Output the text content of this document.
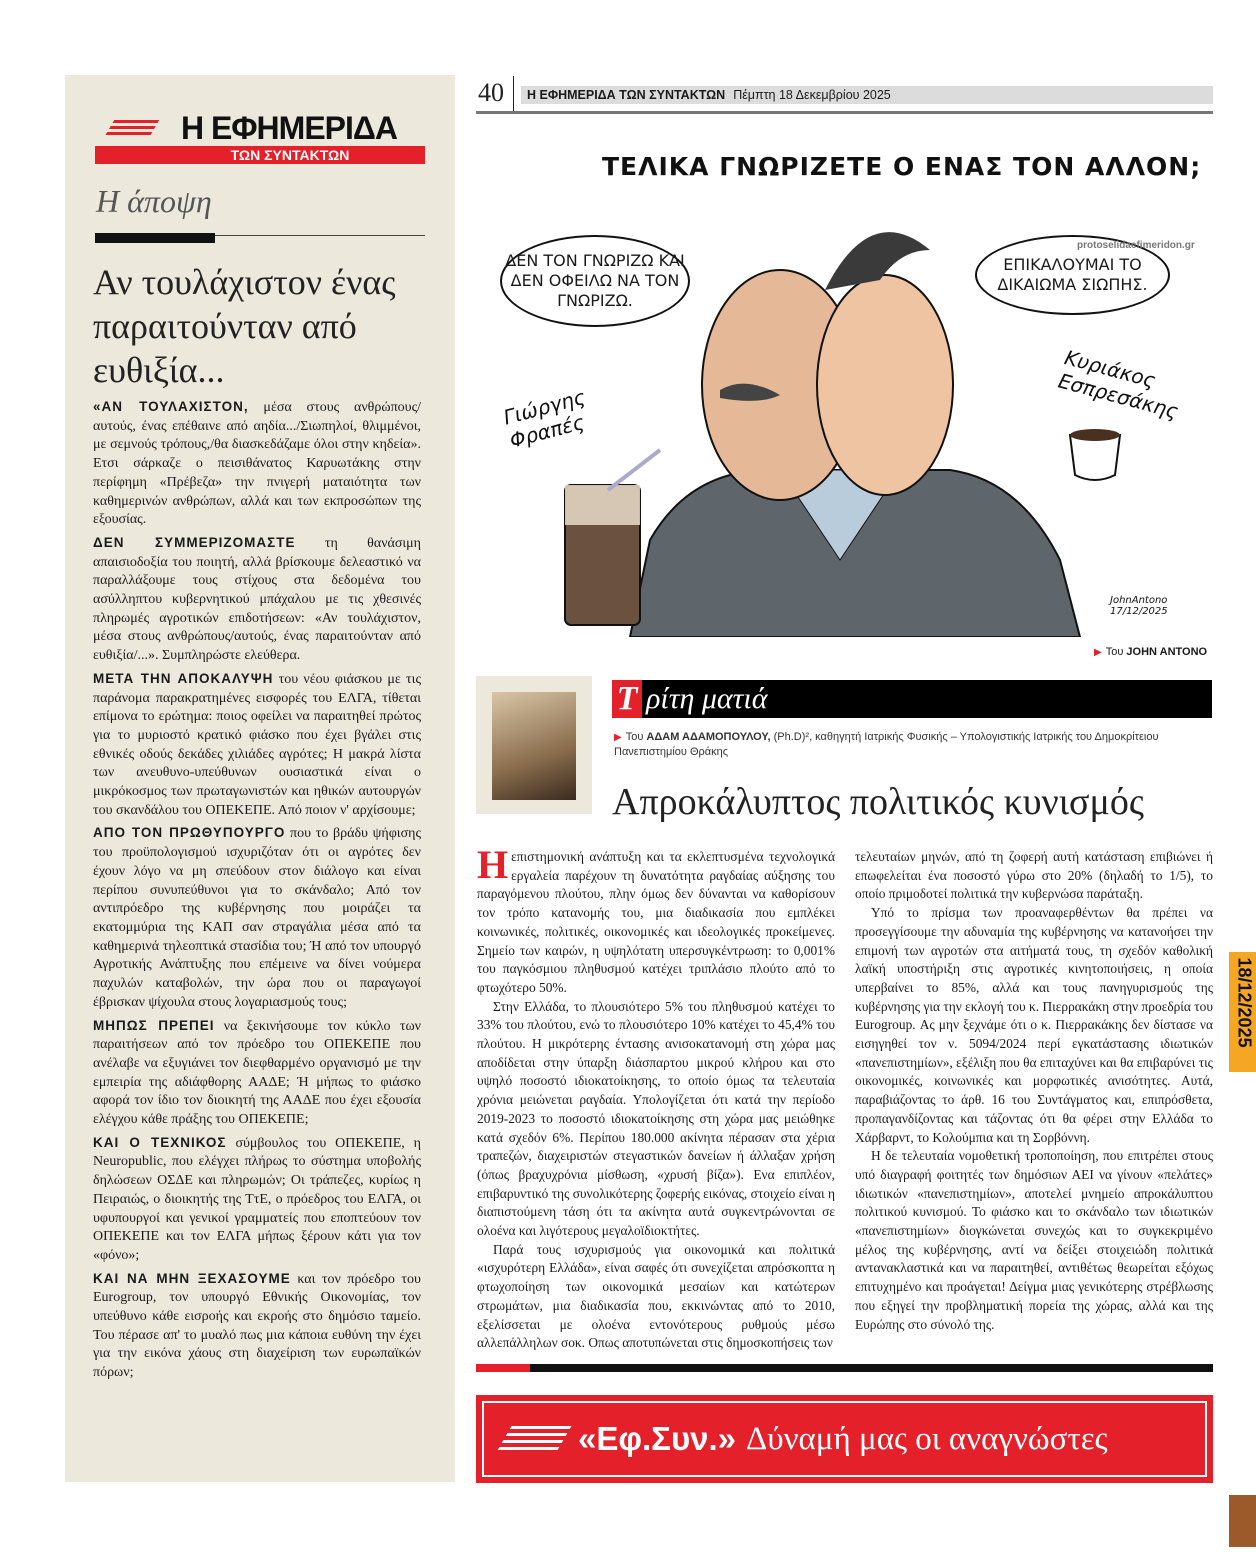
Η ΕΦΗΜΕΡΙΔΑ
ΤΩΝ ΣΥΝΤΑΚΤΩΝ
Η άποψη
Αν τουλάχιστον ένας παραιτούνταν από ευθιξία...

«ΑΝ ΤΟΥΛΑΧΙΣΤΟΝ, μέσα στους ανθρώπους/ αυτούς, ένας επέθαινε από αηδία.../Σιωπηλοί, θλιμμένοι, με σεμνούς τρόπους,/θα διασκεδάζαμε όλοι στην κηδεία». Ετσι σάρκαζε ο πεισιθάνατος Καρυωτάκης στην περίφημη «Πρέβεζα» την πνιγερή ματαιότητα των καθημερινών ανθρώπων, αλλά και των εκπροσώπων της εξουσίας.

ΔΕΝ ΣΥΜΜΕΡΙΖΟΜΑΣΤΕ τη θανάσιμη απαισιοδοξία του ποιητή, αλλά βρίσκουμε δελεαστικό να παραλλάξουμε τους στίχους στα δεδομένα του ασύλληπτου κυβερνητικού μπάχαλου με τις χθεσινές πληρωμές αγροτικών επιδοτήσεων: «Αν τουλάχιστον, μέσα στους ανθρώπους/αυτούς, ένας παραιτούνταν από ευθιξία/...». Συμπληρώστε ελεύθερα.

ΜΕΤΑ ΤΗΝ ΑΠΟΚΑΛΥΨΗ του νέου φιάσκου με τις παράνομα παρακρατημένες εισφορές του ΕΛΓΑ, τίθεται επίμονα το ερώτημα: ποιος οφείλει να παραιτηθεί πρώτος για το μυριοστό κρατικό φιάσκο που έχει βγάλει στις εθνικές οδούς δεκάδες χιλιάδες αγρότες; Η μακρά λίστα των ανευθυνο-υπεύθυνων ουσιαστικά είναι ο μικρόκοσμος των πρωταγωνιστών και ηθικών αυτουργών του σκανδάλου του ΟΠΕΚΕΠΕ. Από ποιον ν' αρχίσουμε;

ΑΠΟ ΤΟΝ ΠΡΩΘΥΠΟΥΡΓΟ που το βράδυ ψήφισης του προϋπολογισμού ισχυριζόταν ότι οι αγρότες δεν έχουν λόγο να μη σπεύδουν στον διάλογο και είναι περίπου συνυπεύθυνοι για το σκάνδαλο; Από τον αντιπρόεδρο της κυβέρνησης που μοιράζει τα εκατομμύρια της ΚΑΠ σαν στραγάλια μέσα από τα καθημερινά τηλεοπτικά στασίδια του; Ή από τον υπουργό Αγροτικής Ανάπτυξης που επέμεινε να δίνει νούμερα παχυλών καταβολών, την ώρα που οι παραγωγοί έβρισκαν ψίχουλα στους λογαριασμούς τους;

ΜΗΠΩΣ ΠΡΕΠΕΙ να ξεκινήσουμε τον κύκλο των παραιτήσεων από τον πρόεδρο του ΟΠΕΚΕΠΕ που ανέλαβε να εξυγιάνει τον διεφθαρμένο οργανισμό με την εμπειρία της αδιάφθορης ΑΑΔΕ; Ή μήπως το φιάσκο αφορά τον ίδιο τον διοικητή της ΑΑΔΕ που έχει εξουσία ελέγχου κάθε πράξης του ΟΠΕΚΕΠΕ;

ΚΑΙ Ο ΤΕΧΝΙΚΟΣ σύμβουλος του ΟΠΕΚΕΠΕ, η Neuropublic, που ελέγχει πλήρως το σύστημα υποβολής δηλώσεων ΟΣΔΕ και πληρωμών; Οι τράπεζες, κυρίως η Πειραιώς, ο διοικητής της ΤτΕ, ο πρόεδρος του ΕΛΓΑ, οι υφυπουργοί και γενικοί γραμματείς που εποπτεύουν τον ΟΠΕΚΕΠΕ και τον ΕΛΓΑ μήπως ξέρουν κάτι για τον «φόνο»;

ΚΑΙ ΝΑ ΜΗΝ ΞΕΧΑΣΟΥΜΕ και τον πρόεδρο του Eurogroup, τον υπουργό Εθνικής Οικονομίας, τον υπεύθυνο κάθε εισροής και εκροής στο δημόσιο ταμείο. Του πέρασε απ' το μυαλό πως μια κάποια ευθύνη την έχει για την εικόνα χάους στη διαχείριση των ευρωπαϊκών πόρων;

40	Η ΕΦΗΜΕΡΙΔΑ ΤΩΝ ΣΥΝΤΑΚΤΩΝ Πέμπτη 18 Δεκεμβρίου 2025
ΤΕΛΙΚΑ ΓΝΩΡΙΖΕΤΕ Ο ΕΝΑΣ ΤΟΝ ΑΛΛΟΝ;
ΔΕΝ ΤΟΝ ΓΝΩΡΙΖΩ ΚΑΙ ΔΕΝ ΟΦΕΙΛΩ ΝΑ ΤΟΝ ΓΝΩΡΙΖΩ.
ΕΠΙΚΑΛΟΥΜΑΙ ΤΟ ΔΙΚΑΙΩΜΑ ΣΙΩΠΗΣ.
Γιώργης Φραπές
Κυριάκος Εσπρεσάκης
JohnAntono 17/12/2025
protoselidaefimeridon.gr
▶ Του JOHN ANTONO
Τ ρίτη ματιά
▶ Του ΑΔΑΜ ΑΔΑΜΟΠΟΥΛΟΥ, (Ph.D)², καθηγητή Ιατρικής Φυσικής – Υπολογιστικής Ιατρικής του Δημοκρίτειου Πανεπιστημίου Θράκης
Απροκάλυπτος πολιτικός κυνισμός

Η επιστημονική ανάπτυξη και τα εκλεπτυσμένα τεχνολογικά εργαλεία παρέχουν τη δυνατότητα ραγδαίας αύξησης του παραγόμενου πλούτου, πλην όμως δεν δύνανται να καθορίσουν τον τρόπο κατανομής του, μια διαδικασία που εμπλέκει κοινωνικές, πολιτικές, οικονομικές και ιδεολογικές προκείμενες. Σημείο των καιρών, η υψηλότατη υπερσυγκέντρωση: το 0,001% του παγκόσμιου πληθυσμού κατέχει τριπλάσιο πλούτο από το φτωχότερο 50%.

Στην Ελλάδα, το πλουσιότερο 5% του πληθυσμού κατέχει το 33% του πλούτου, ενώ το πλουσιότερο 10% κατέχει το 45,4% του πλούτου. Η μικρότερης έντασης ανισοκατανομή στη χώρα μας αποδίδεται στην ύπαρξη διάσπαρτου μικρού κλήρου και στο υψηλό ποσοστό ιδιοκατοίκησης, το οποίο όμως τα τελευταία χρόνια μειώνεται ραγδαία. Υπολογίζεται ότι κατά την περίοδο 2019-2023 το ποσοστό ιδιοκατοίκησης στη χώρα μας μειώθηκε κατά σχεδόν 6%. Περίπου 180.000 ακίνητα πέρασαν στα χέρια τραπεζών, διαχειριστών στεγαστικών δανείων ή άλλαξαν χρήση (όπως βραχυχρόνια μίσθωση, «χρυσή βίζα»). Ενα επιπλέον, επιβαρυντικό της συνολικότερης ζοφερής εικόνας, στοιχείο είναι η διαπιστούμενη τάση ότι τα ακίνητα αυτά συγκεντρώνονται σε ολοένα και λιγότερους μεγαλοϊδιοκτήτες.

Παρά τους ισχυρισμούς για οικονομικά και πολιτικά «ισχυρότερη Ελλάδα», είναι σαφές ότι συνεχίζεται απρόσκοπτα η φτωχοποίηση των οικονομικά μεσαίων και κατώτερων στρωμάτων, μια διαδικασία που, εκκινώντας από το 2010, εξελίσσεται με ολοένα εντονότερους ρυθμούς μέσω αλλεπάλληλων σοκ. Οπως αποτυπώνεται στις δημοσκοπήσεις των

τελευταίων μηνών, από τη ζοφερή αυτή κατάσταση επιβιώνει ή επωφελείται ένα ποσοστό γύρω στο 20% (δηλαδή το 1/5), το οποίο πριμοδοτεί πολιτικά την κυβερνώσα παράταξη.

Υπό το πρίσμα των προαναφερθέντων θα πρέπει να προσεγγίσουμε την αδυναμία της κυβέρνησης να κατανοήσει την επιμονή των αγροτών στα αιτήματά τους, τη σχεδόν καθολική λαϊκή υποστήριξη στις αγροτικές κινητοποιήσεις, η οποία υπερβαίνει το 85%, αλλά και τους πανηγυρισμούς της κυβέρνησης για την εκλογή του κ. Πιερρακάκη στην προεδρία του Eurogroup. Ας μην ξεχνάμε ότι ο κ. Πιερρακάκης δεν δίστασε να εισηγηθεί τον ν. 5094/2024 περί εγκατάστασης ιδιωτικών «πανεπιστημίων», εξέλιξη που θα επιταχύνει και θα επιβαρύνει τις οικονομικές, κοινωνικές και μορφωτικές ανισότητες. Αυτά, παραβιάζοντας το άρθ. 16 του Συντάγματος και, επιπρόσθετα, προπαγανδίζοντας και τάζοντας ότι θα φέρει στην Ελλάδα το Χάρβαρντ, το Κολούμπια και τη Σορβόννη.

Η δε τελευταία νομοθετική τροποποίηση, που επιτρέπει στους υπό διαγραφή φοιτητές των δημόσιων ΑΕΙ να γίνουν «πελάτες» ιδιωτικών «πανεπιστημίων», αποτελεί μνημείο απροκάλυπτου πολιτικού κυνισμού. Το φιάσκο και το σκάνδαλο των ιδιωτικών «πανεπιστημίων» διογκώνεται συνεχώς και το συγκεκριμένο μέλος της κυβέρνησης, αντί να δείξει στοιχειώδη πολιτικά αντανακλαστικά και να παραιτηθεί, αντιθέτως θεωρείται εξόχως επιτυχημένο και προάγεται! Δείγμα μιας γενικότερης στρέβλωσης που εξηγεί την προβληματική πορεία της χώρας, αλλά και της Ευρώπης στο σύνολό της.

«Εφ.Συν.» Δύναμή μας οι αναγνώστες
18/12/2025
